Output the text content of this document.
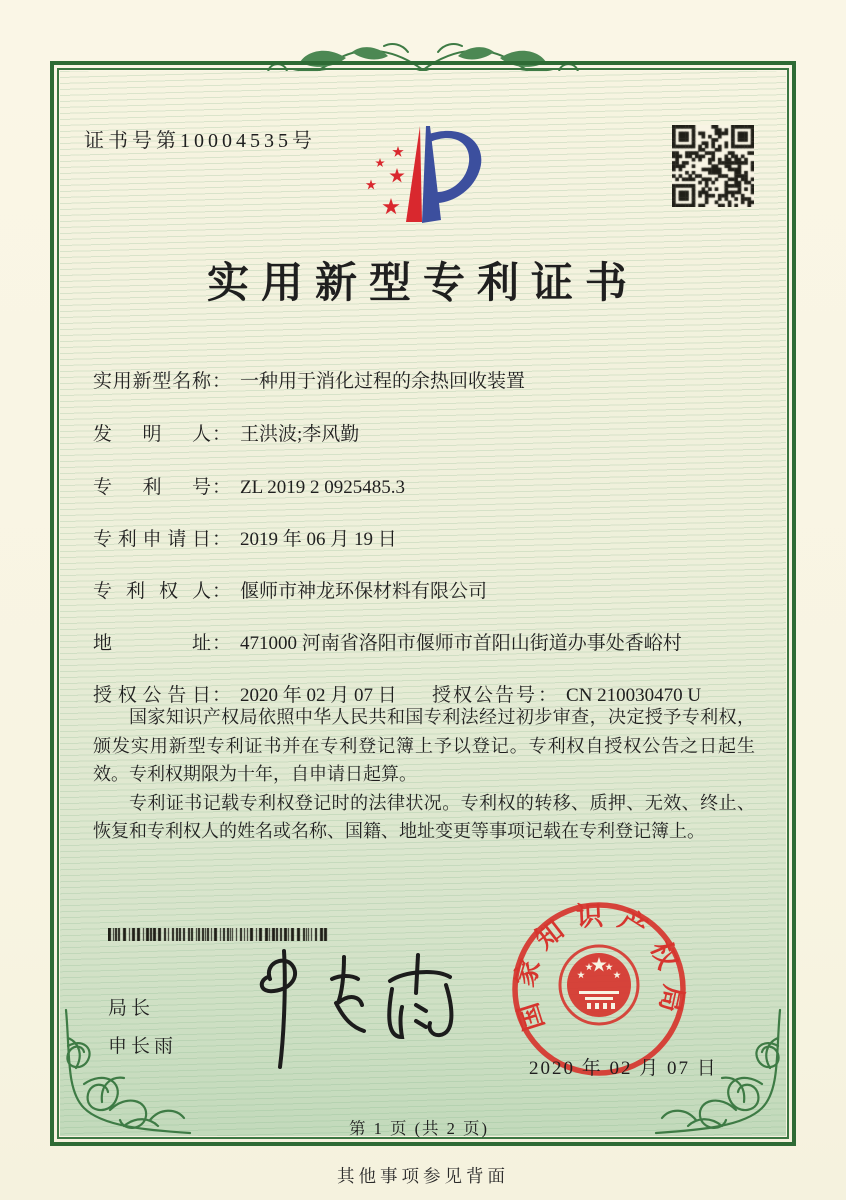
证书号第10004535号
实用新型专利证书
实用新型名称： 一种用于消化过程的余热回收装置
发明人： 王洪波;李风勤
专利号： ZL 2019 2 0925485.3
专利申请日： 2019 年 06 月 19 日
专利权人： 偃师市神龙环保材料有限公司
地址： 471000 河南省洛阳市偃师市首阳山街道办事处香峪村
授权公告日： 2020 年 02 月 07 日 授权公告号： CN 210030470 U

国家知识产权局依照中华人民共和国专利法经过初步审查，决定授予专利权，颁发实用新型专利证书并在专利登记簿上予以登记。专利权自授权公告之日起生效。专利权期限为十年，自申请日起算。

专利证书记载专利权登记时的法律状况。专利权的转移、质押、无效、终止、恢复和专利权人的姓名或名称、国籍、地址变更等事项记载在专利登记簿上。

局长
申长雨
国家知识产权局
2020 年 02 月 07 日
第 1 页 (共 2 页)
其他事项参见背面
